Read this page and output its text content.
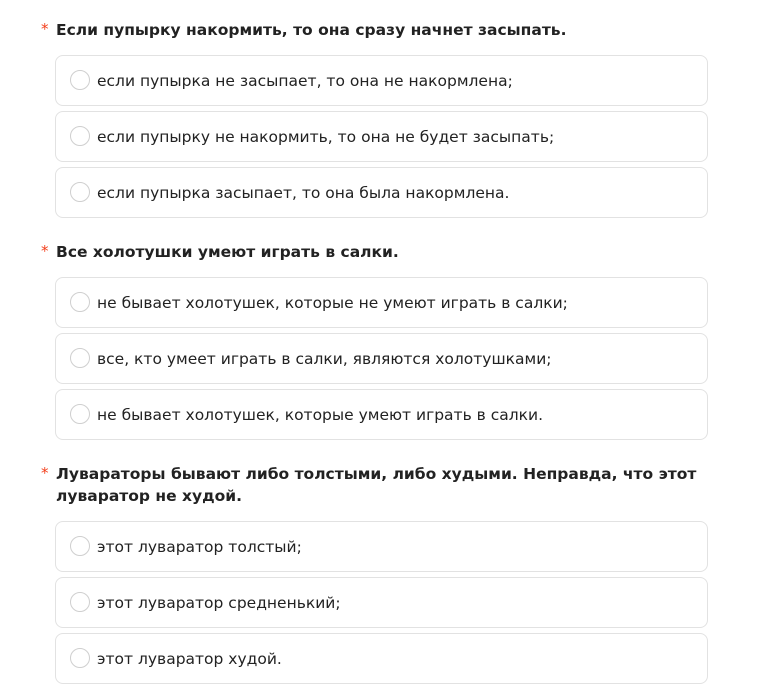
* Если пупырку накормить, то она сразу начнет засыпать.
если пупырка не засыпает, то она не накормлена;
если пупырку не накормить, то она не будет засыпать;
если пупырка засыпает, то она была накормлена.
* Все холотушки умеют играть в салки.
не бывает холотушек, которые не умеют играть в салки;
все, кто умеет играть в салки, являются холотушками;
не бывает холотушек, которые умеют играть в салки.
* Лувараторы бывают либо толстыми, либо худыми. Неправда, что этот луваратор не худой.
этот луваратор толстый;
этот луваратор средненький;
этот луваратор худой.
